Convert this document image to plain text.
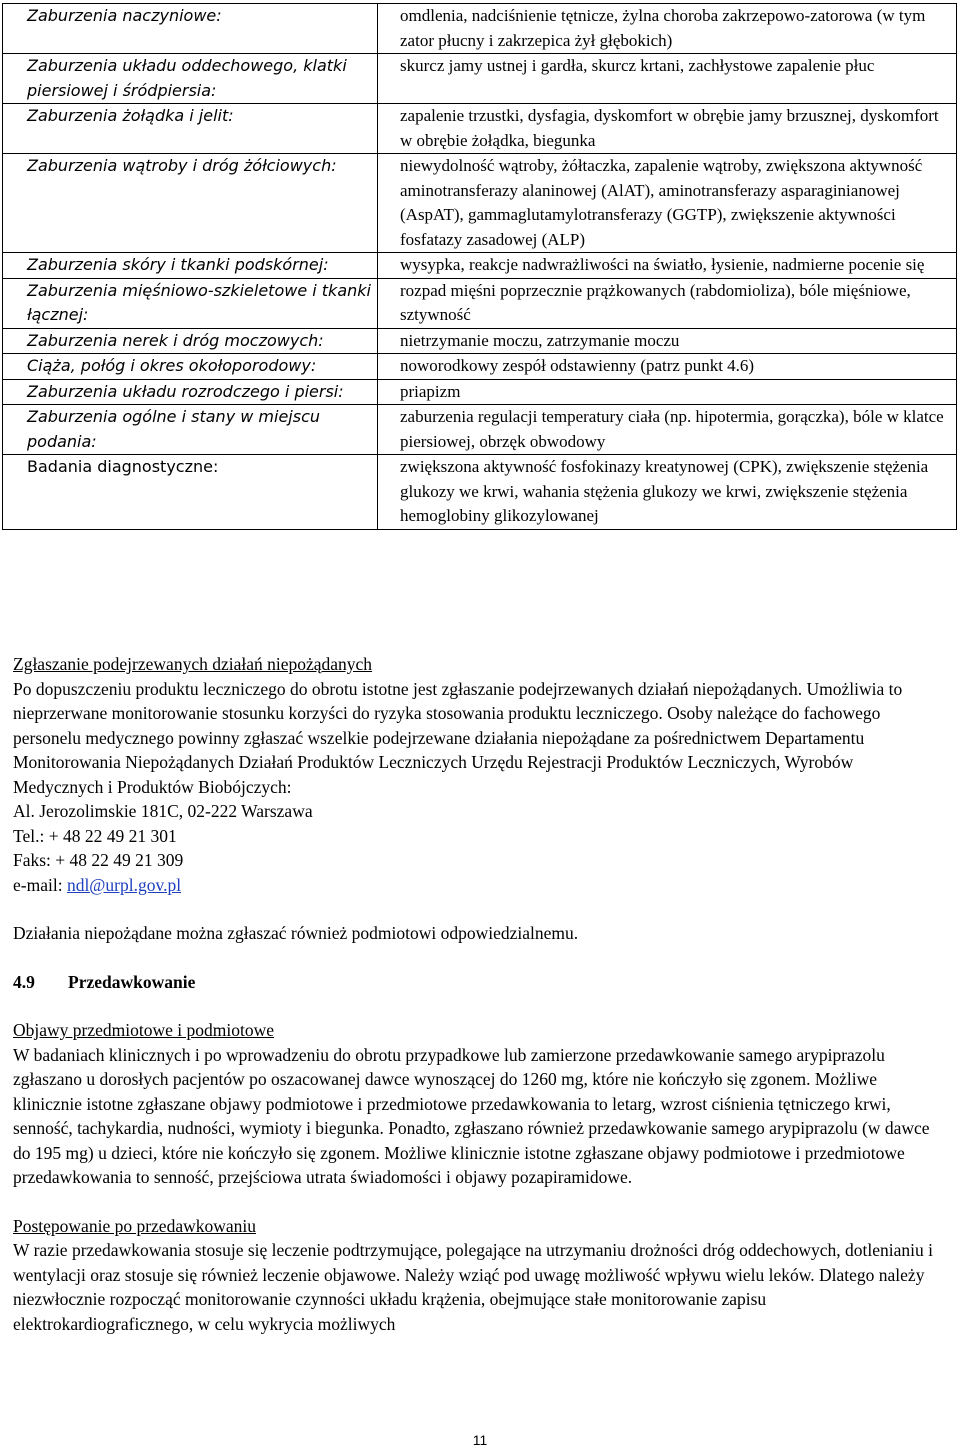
Zaburzenia naczyniowe:	omdlenia, nadciśnienie tętnicze, żylna choroba zakrzepowo-zatorowa (w tym zator płucny i zakrzepica żył głębokich)
Zaburzenia układu oddechowego, klatki piersiowej i śródpiersia:	skurcz jamy ustnej i gardła, skurcz krtani, zachłystowe zapalenie płuc
Zaburzenia żołądka i jelit:	zapalenie trzustki, dysfagia, dyskomfort w obrębie jamy brzusznej, dyskomfort w obrębie żołądka, biegunka
Zaburzenia wątroby i dróg żółciowych:	niewydolność wątroby, żółtaczka, zapalenie wątroby, zwiększona aktywność aminotransferazy alaninowej (AlAT), aminotransferazy asparaginianowej (AspAT), gammaglutamylotransferazy (GGTP), zwiększenie aktywności fosfatazy zasadowej (ALP)
Zaburzenia skóry i tkanki podskórnej:	wysypka, reakcje nadwrażliwości na światło, łysienie, nadmierne pocenie się
Zaburzenia mięśniowo-szkieletowe i tkanki łącznej:	rozpad mięśni poprzecznie prążkowanych (rabdomioliza), bóle mięśniowe, sztywność
Zaburzenia nerek i dróg moczowych:	nietrzymanie moczu, zatrzymanie moczu
Ciąża, połóg i okres okołoporodowy:	noworodkowy zespół odstawienny (patrz punkt 4.6)
Zaburzenia układu rozrodczego i piersi:	priapizm
Zaburzenia ogólne i stany w miejscu podania:	zaburzenia regulacji temperatury ciała (np. hipotermia, gorączka), bóle w klatce piersiowej, obrzęk obwodowy
Badania diagnostyczne:	zwiększona aktywność fosfokinazy kreatynowej (CPK), zwiększenie stężenia glukozy we krwi, wahania stężenia glukozy we krwi, zwiększenie stężenia hemoglobiny glikozylowanej

Zgłaszanie podejrzewanych działań niepożądanych

Po dopuszczeniu produktu leczniczego do obrotu istotne jest zgłaszanie podejrzewanych działań niepożądanych. Umożliwia to nieprzerwane monitorowanie stosunku korzyści do ryzyka stosowania produktu leczniczego. Osoby należące do fachowego personelu medycznego powinny zgłaszać wszelkie podejrzewane działania niepożądane za pośrednictwem Departamentu Monitorowania Niepożądanych Działań Produktów Leczniczych Urzędu Rejestracji Produktów Leczniczych, Wyrobów Medycznych i Produktów Biobójczych:

Al. Jerozolimskie 181C, 02-222 Warszawa

Tel.: + 48 22 49 21 301

Faks: + 48 22 49 21 309

e-mail: ndl@urpl.gov.pl

Działania niepożądane można zgłaszać również podmiotowi odpowiedzialnemu.

4.9 Przedawkowanie

Objawy przedmiotowe i podmiotowe

W badaniach klinicznych i po wprowadzeniu do obrotu przypadkowe lub zamierzone przedawkowanie samego arypiprazolu zgłaszano u dorosłych pacjentów po oszacowanej dawce wynoszącej do 1260 mg, które nie kończyło się zgonem. Możliwe klinicznie istotne zgłaszane objawy podmiotowe i przedmiotowe przedawkowania to letarg, wzrost ciśnienia tętniczego krwi, senność, tachykardia, nudności, wymioty i biegunka. Ponadto, zgłaszano również przedawkowanie samego arypiprazolu (w dawce do 195 mg) u dzieci, które nie kończyło się zgonem. Możliwe klinicznie istotne zgłaszane objawy podmiotowe i przedmiotowe przedawkowania to senność, przejściowa utrata świadomości i objawy pozapiramidowe.

Postępowanie po przedawkowaniu

W razie przedawkowania stosuje się leczenie podtrzymujące, polegające na utrzymaniu drożności dróg oddechowych, dotlenianiu i wentylacji oraz stosuje się również leczenie objawowe. Należy wziąć pod uwagę możliwość wpływu wielu leków. Dlatego należy niezwłocznie rozpocząć monitorowanie czynności układu krążenia, obejmujące stałe monitorowanie zapisu elektrokardiograficznego, w celu wykrycia możliwych

11
